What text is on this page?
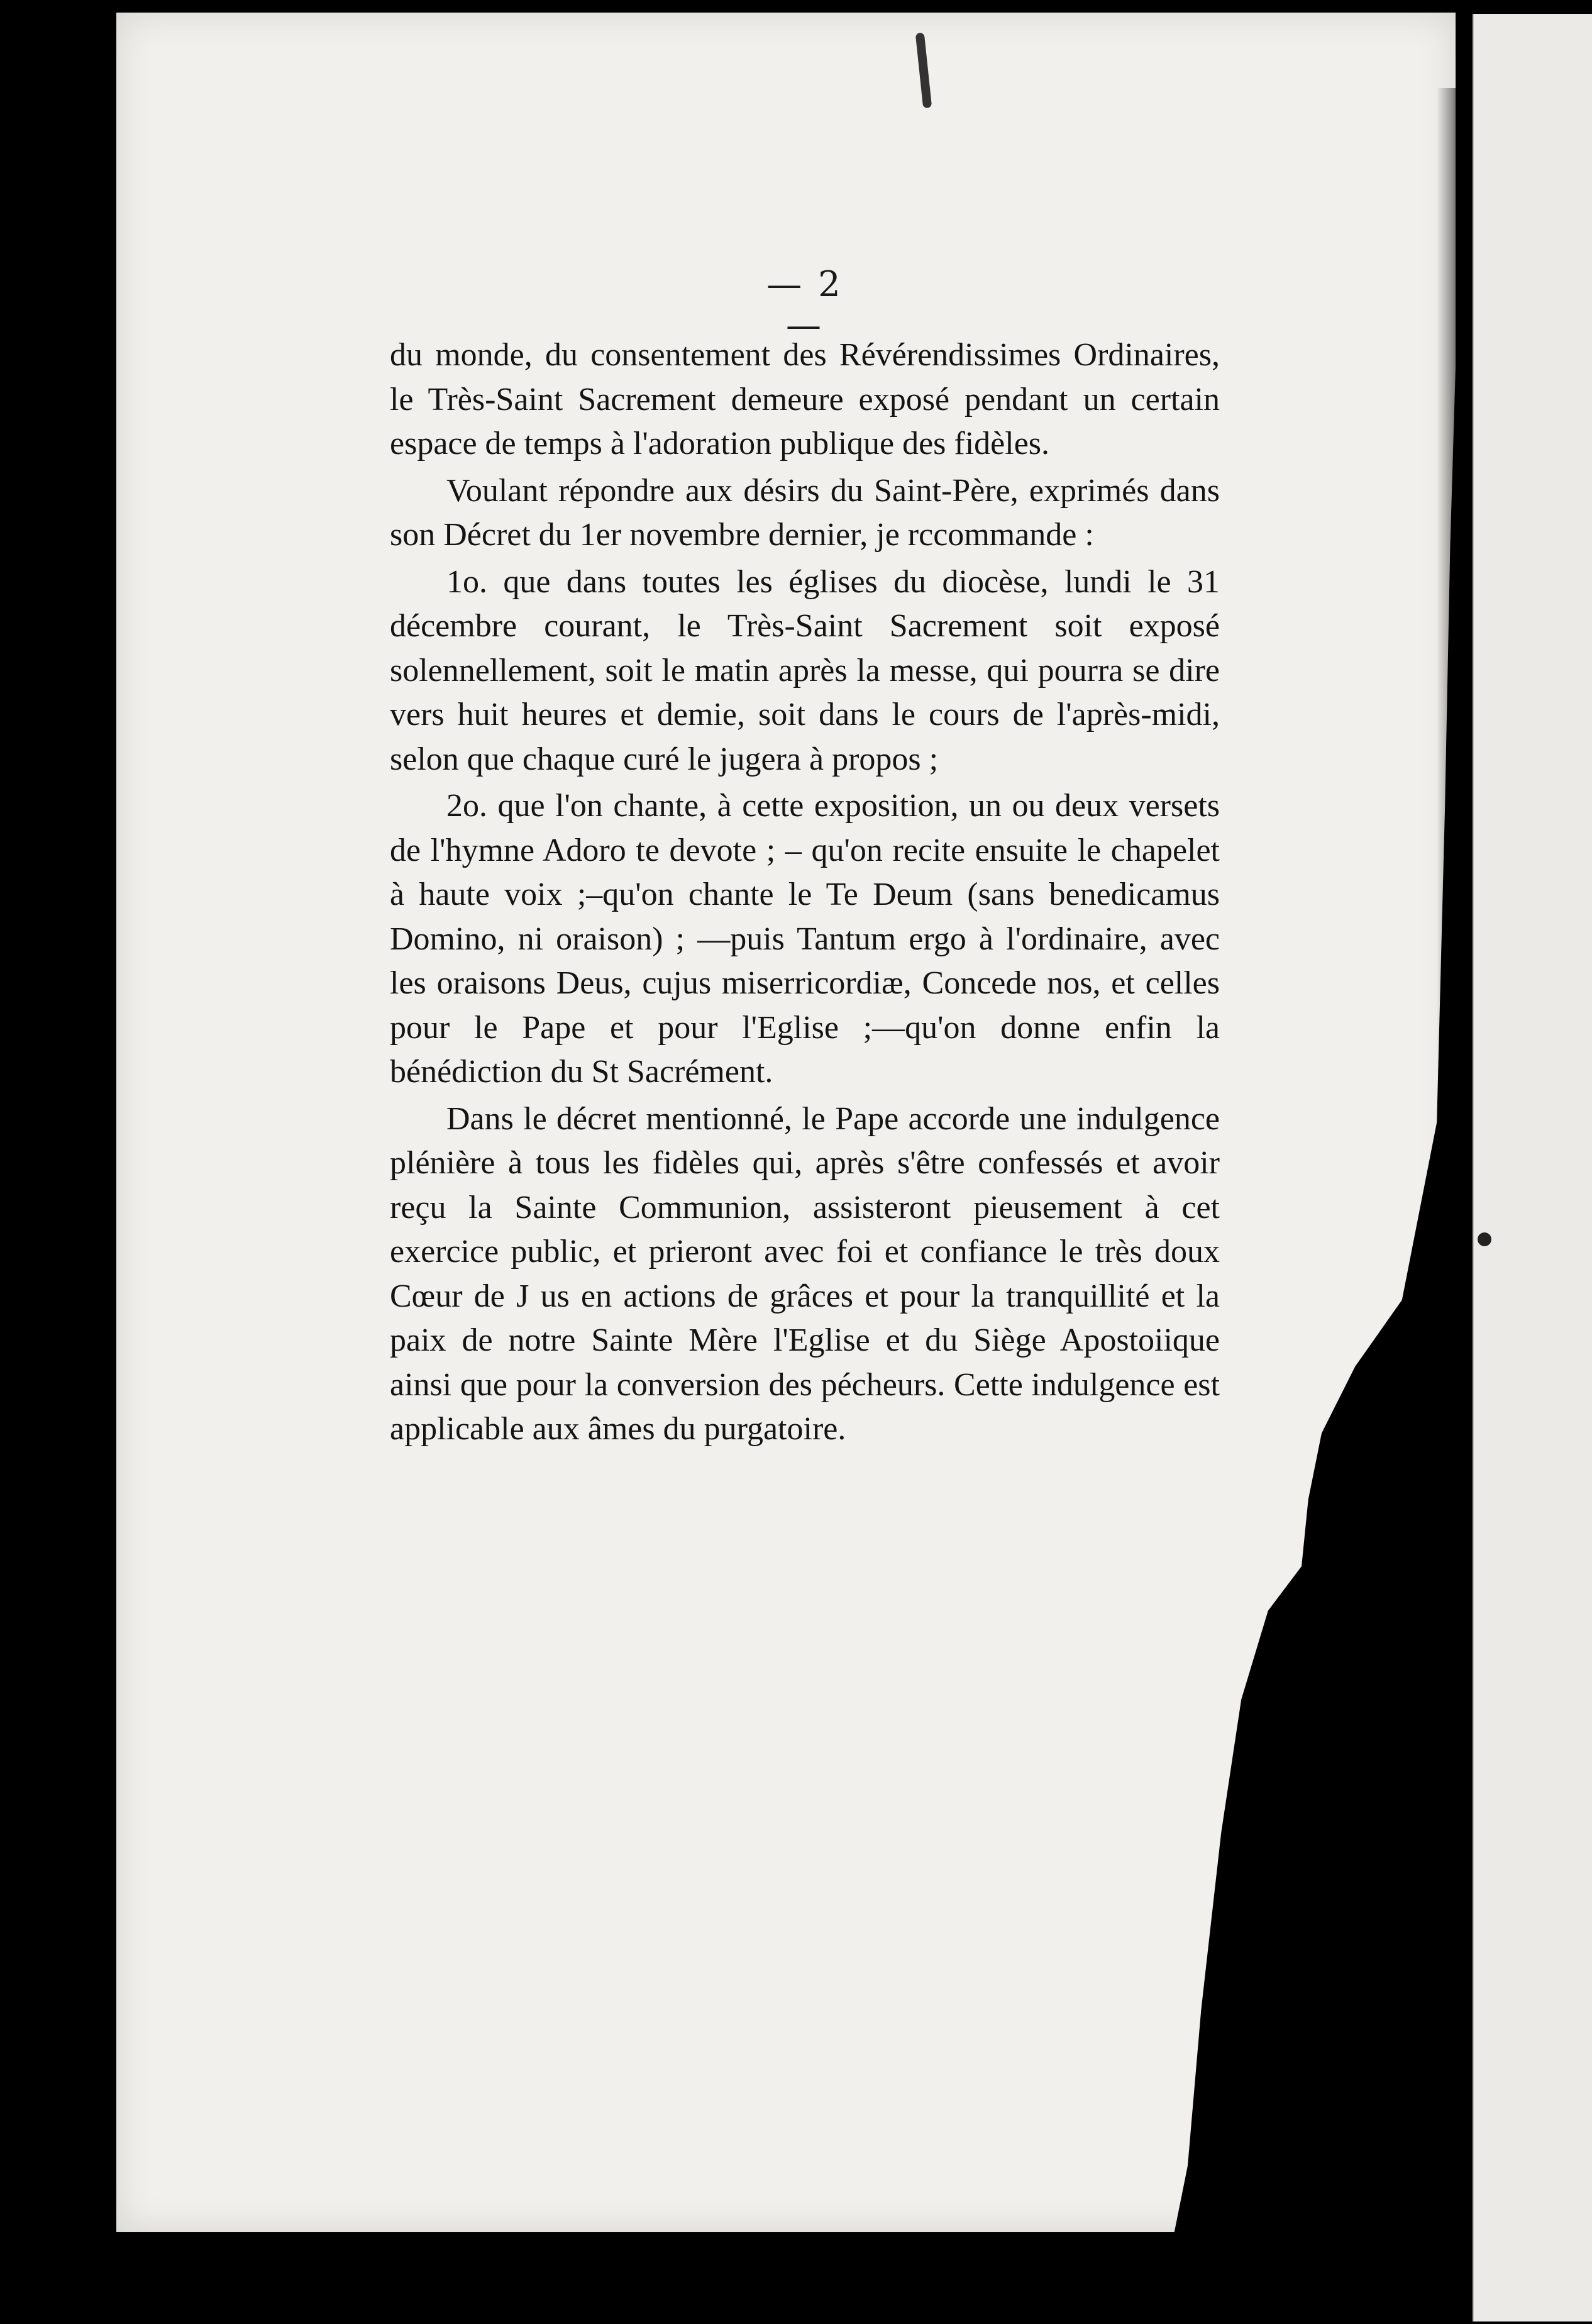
— 2 —

du monde, du consentement des Révérendissimes Ordinaires, le Très-Saint Sacrement demeure exposé pendant un certain espace de temps à l'adoration publique des fidèles.

Voulant répondre aux désirs du Saint-Père, exprimés dans son Décret du 1er novembre dernier, je rccommande :

1o. que dans toutes les églises du diocèse, lundi le 31 décembre courant, le Très-Saint Sacrement soit exposé solennellement, soit le matin après la messe, qui pourra se dire vers huit heures et demie, soit dans le cours de l'après-midi, selon que chaque curé le jugera à propos ;

2o. que l'on chante, à cette exposition, un ou deux versets de l'hymne Adoro te devote ; – qu'on recite ensuite le chapelet à haute voix ;–qu'on chante le Te Deum (sans benedicamus Domino, ni oraison) ; —puis Tantum ergo à l'ordinaire, avec les oraisons Deus, cujus miserricordiæ, Concede nos, et celles pour le Pape et pour l'Eglise ;—qu'on donne enfin la bénédiction du St Sacrément.

Dans le décret mentionné, le Pape accorde une indulgence plénière à tous les fidèles qui, après s'être confessés et avoir reçu la Sainte Communion, assisteront pieusement à cet exercice public, et prieront avec foi et confiance le très doux Cœur de J us en actions de grâces et pour la tranquillité et la paix de notre Sainte Mère l'Eglise et du Siège Apostoiique ainsi que pour la conversion des pécheurs. Cette indulgence est applicable aux âmes du purgatoire.
